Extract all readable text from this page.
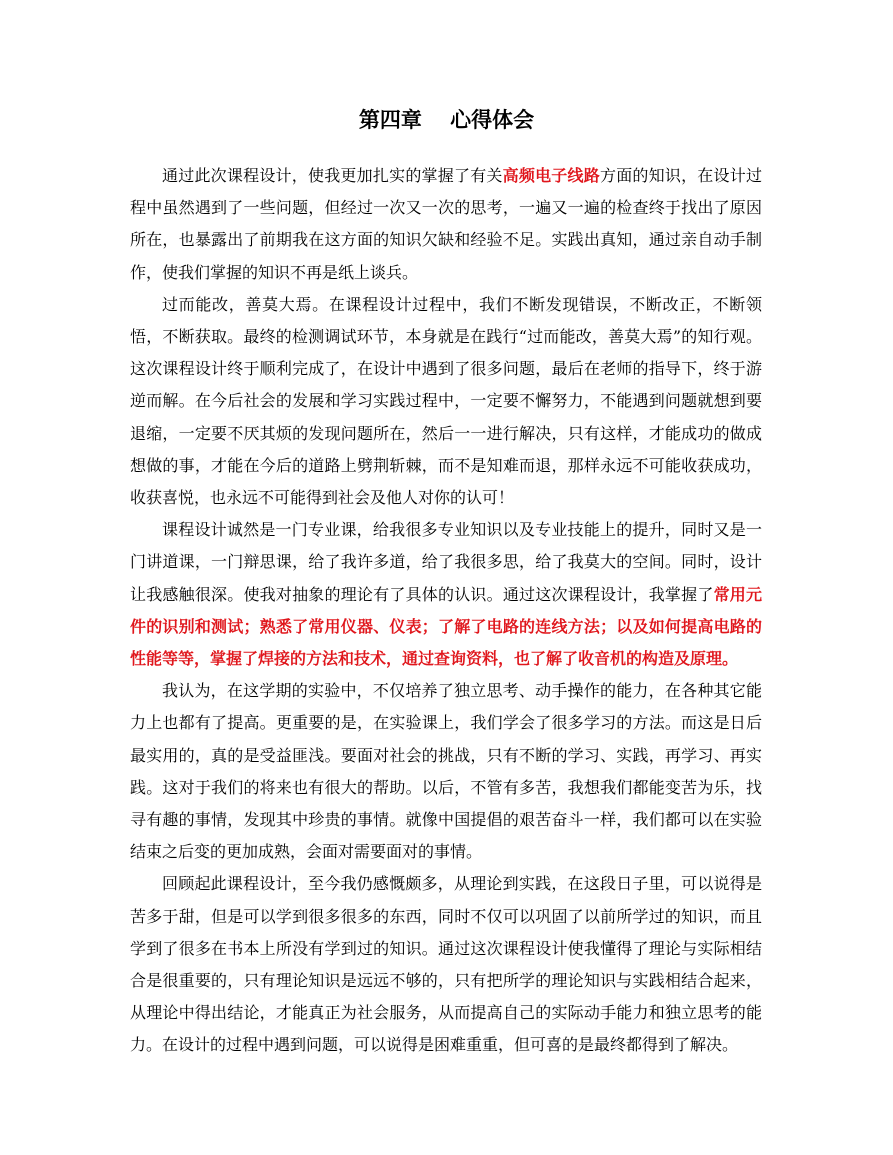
第四章　 心得体会

通过此次课程设计，使我更加扎实的掌握了有关高频电子线路方面的知识，在设计过程中虽然遇到了一些问题，但经过一次又一次的思考，一遍又一遍的检查终于找出了原因所在，也暴露出了前期我在这方面的知识欠缺和经验不足。实践出真知，通过亲自动手制作，使我们掌握的知识不再是纸上谈兵。

过而能改，善莫大焉。在课程设计过程中，我们不断发现错误，不断改正，不断领悟，不断获取。最终的检测调试环节，本身就是在践行“过而能改，善莫大焉”的知行观。这次课程设计终于顺利完成了，在设计中遇到了很多问题，最后在老师的指导下，终于游逆而解。在今后社会的发展和学习实践过程中，一定要不懈努力，不能遇到问题就想到要退缩，一定要不厌其烦的发现问题所在，然后一一进行解决，只有这样，才能成功的做成想做的事，才能在今后的道路上劈荆斩棘，而不是知难而退，那样永远不可能收获成功，收获喜悦，也永远不可能得到社会及他人对你的认可！

课程设计诚然是一门专业课，给我很多专业知识以及专业技能上的提升，同时又是一门讲道课，一门辩思课，给了我许多道，给了我很多思，给了我莫大的空间。同时，设计让我感触很深。使我对抽象的理论有了具体的认识。通过这次课程设计，我掌握了常用元件的识别和测试；熟悉了常用仪器、仪表；了解了电路的连线方法；以及如何提高电路的性能等等，掌握了焊接的方法和技术，通过查询资料，也了解了收音机的构造及原理。

我认为，在这学期的实验中，不仅培养了独立思考、动手操作的能力，在各种其它能力上也都有了提高。更重要的是，在实验课上，我们学会了很多学习的方法。而这是日后最实用的，真的是受益匪浅。要面对社会的挑战，只有不断的学习、实践，再学习、再实践。这对于我们的将来也有很大的帮助。以后，不管有多苦，我想我们都能变苦为乐，找寻有趣的事情，发现其中珍贵的事情。就像中国提倡的艰苦奋斗一样，我们都可以在实验结束之后变的更加成熟，会面对需要面对的事情。

回顾起此课程设计，至今我仍感慨颇多，从理论到实践，在这段日子里，可以说得是苦多于甜，但是可以学到很多很多的东西，同时不仅可以巩固了以前所学过的知识，而且学到了很多在书本上所没有学到过的知识。通过这次课程设计使我懂得了理论与实际相结合是很重要的，只有理论知识是远远不够的，只有把所学的理论知识与实践相结合起来，从理论中得出结论，才能真正为社会服务，从而提高自己的实际动手能力和独立思考的能力。在设计的过程中遇到问题，可以说得是困难重重，但可喜的是最终都得到了解决。
